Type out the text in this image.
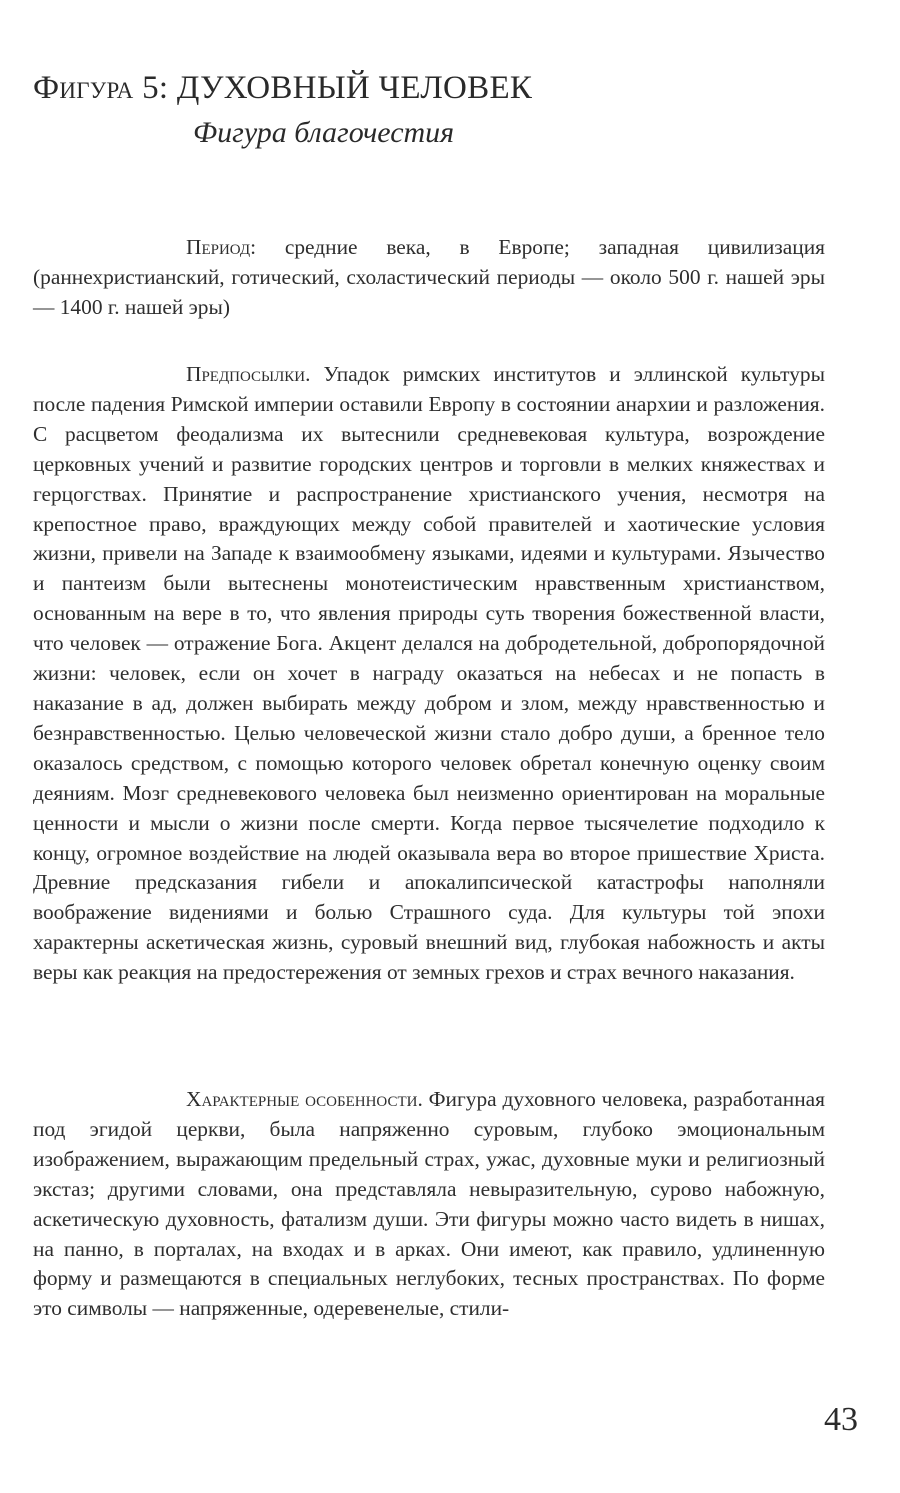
Фигура 5: ДУХОВНЫЙ ЧЕЛОВЕК
Фигура благочестия
Период: средние века, в Европе; западная цивилизация (раннехристианский, готический, схоластический периоды — около 500 г. нашей эры — 1400 г. нашей эры)
Предпосылки. Упадок римских институтов и эллинской культуры после падения Римской империи оставили Европу в состоянии анархии и разложения. С расцветом феодализма их вытеснили средневековая культура, возрождение церковных учений и развитие городских центров и торговли в мелких княжествах и герцогствах. Принятие и распространение христианского учения, несмотря на крепостное право, враждующих между собой правителей и хаотические условия жизни, привели на Западе к взаимообмену языками, идеями и культурами. Язычество и пантеизм были вытеснены монотеистическим нравственным христианством, основанным на вере в то, что явления природы суть творения божественной власти, что человек — отражение Бога. Акцент делался на добродетельной, добропорядочной жизни: человек, если он хочет в награду оказаться на небесах и не попасть в наказание в ад, должен выбирать между добром и злом, между нравственностью и безнравственностью. Целью человеческой жизни стало добро души, а бренное тело оказалось средством, с помощью которого человек обретал конечную оценку своим деяниям. Мозг средневекового человека был неизменно ориентирован на моральные ценности и мысли о жизни после смерти. Когда первое тысячелетие подходило к концу, огромное воздействие на людей оказывала вера во второе пришествие Христа. Древние предсказания гибели и апокалипсической катастрофы наполняли воображение видениями и болью Страшного суда. Для культуры той эпохи характерны аскетическая жизнь, суровый внешний вид, глубокая набожность и акты веры как реакция на предостережения от земных грехов и страх вечного наказания.
Характерные особенности. Фигура духовного человека, разработанная под эгидой церкви, была напряженно суровым, глубоко эмоциональным изображением, выражающим предельный страх, ужас, духовные муки и религиозный экстаз; другими словами, она представляла невыразительную, сурово набожную, аскетическую духовность, фатализм души. Эти фигуры можно часто видеть в нишах, на панно, в порталах, на входах и в арках. Они имеют, как правило, удлиненную форму и размещаются в специальных неглубоких, тесных пространствах. По форме это символы — напряженные, одеревенелые, стили-
43
